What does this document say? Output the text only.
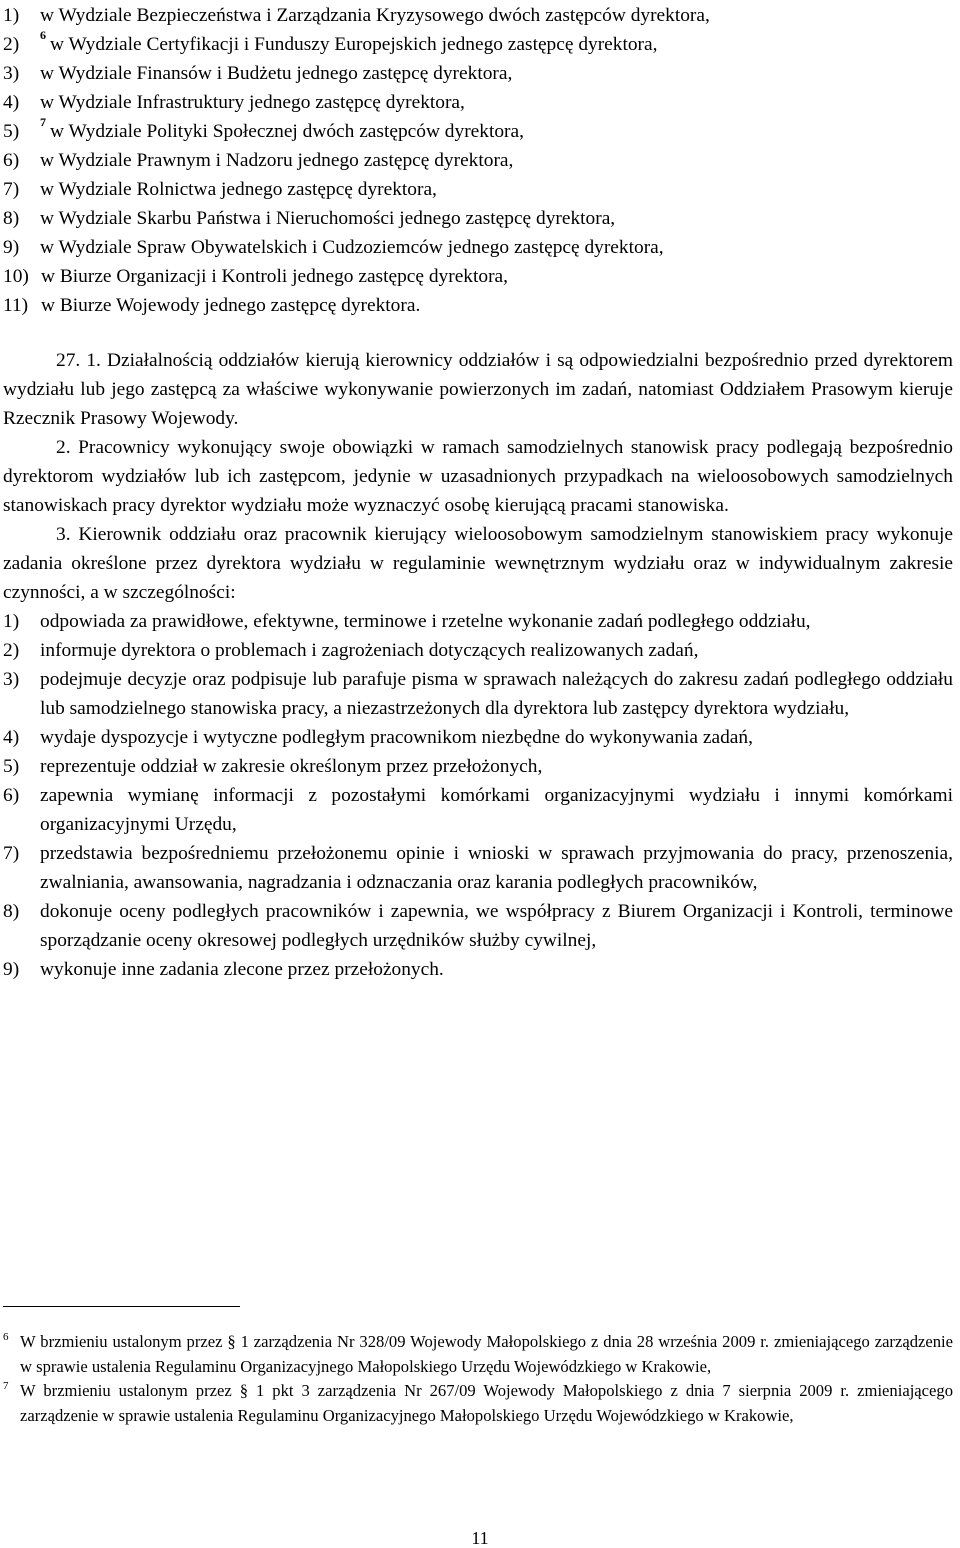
1)	w Wydziale Bezpieczeństwa i Zarządzania Kryzysowego dwóch zastępców dyrektora,
2)	$^6$ w Wydziale Certyfikacji i Funduszy Europejskich jednego zastępcę dyrektora,
3)	w Wydziale Finansów i Budżetu jednego zastępcę dyrektora,
4)	w Wydziale Infrastruktury jednego zastępcę dyrektora,
5)	$^7$ w Wydziale Polityki Społecznej dwóch zastępców dyrektora,
6)	w Wydziale Prawnym i Nadzoru jednego zastępcę dyrektora,
7)	w Wydziale Rolnictwa jednego zastępcę dyrektora,
8)	w Wydziale Skarbu Państwa i Nieruchomości jednego zastępcę dyrektora,
9)	w Wydziale Spraw Obywatelskich i Cudzoziemców jednego zastępcę dyrektora,
10) w Biurze Organizacji i Kontroli jednego zastępcę dyrektora,
11) w Biurze Wojewody jednego zastępcę dyrektora.

27. 1. Działalnością oddziałów kierują kierownicy oddziałów i są odpowiedzialni bezpośrednio przed dyrektorem wydziału lub jego zastępcą za właściwe wykonywanie powierzonych im zadań, natomiast Oddziałem Prasowym kieruje Rzecznik Prasowy Wojewody.

2. Pracownicy wykonujący swoje obowiązki w ramach samodzielnych stanowisk pracy podlegają bezpośrednio dyrektorom wydziałów lub ich zastępcom, jedynie w uzasadnionych przypadkach na wieloosobowych samodzielnych stanowiskach pracy dyrektor wydziału może wyznaczyć osobę kierującą pracami stanowiska.

3. Kierownik oddziału oraz pracownik kierujący wieloosobowym samodzielnym stanowiskiem pracy wykonuje zadania określone przez dyrektora wydziału w regulaminie wewnętrznym wydziału oraz w indywidualnym zakresie czynności, a w szczególności:

1)	odpowiada za prawidłowe, efektywne, terminowe i rzetelne wykonanie zadań podległego oddziału,
2)	informuje dyrektora o problemach i zagrożeniach dotyczących realizowanych zadań,
3)	podejmuje decyzje oraz podpisuje lub parafuje pisma w sprawach należących do zakresu zadań podległego oddziału lub samodzielnego stanowiska pracy, a niezastrzeżonych dla dyrektora lub zastępcy dyrektora wydziału,
4)	wydaje dyspozycje i wytyczne podległym pracownikom niezbędne do wykonywania zadań,
5)	reprezentuje oddział w zakresie określonym przez przełożonych,
6)	zapewnia wymianę informacji z pozostałymi komórkami organizacyjnymi wydziału i innymi komórkami organizacyjnymi Urzędu,
7)	przedstawia bezpośredniemu przełożonemu opinie i wnioski w sprawach przyjmowania do pracy, przenoszenia, zwalniania, awansowania, nagradzania i odznaczania oraz karania podległych pracowników,
8)	dokonuje oceny podległych pracowników i zapewnia, we współpracy z Biurem Organizacji i Kontroli, terminowe sporządzanie oceny okresowej podległych urzędników służby cywilnej,
9)	wykonuje inne zadania zlecone przez przełożonych.
6 W brzmieniu ustalonym przez § 1 zarządzenia Nr 328/09 Wojewody Małopolskiego z dnia 28 września 2009 r. zmieniającego zarządzenie w sprawie ustalenia Regulaminu Organizacyjnego Małopolskiego Urzędu Wojewódzkiego w Krakowie,
7 W brzmieniu ustalonym przez § 1 pkt 3 zarządzenia Nr 267/09 Wojewody Małopolskiego z dnia 7 sierpnia 2009 r. zmieniającego zarządzenie w sprawie ustalenia Regulaminu Organizacyjnego Małopolskiego Urzędu Wojewódzkiego w Krakowie,
11
